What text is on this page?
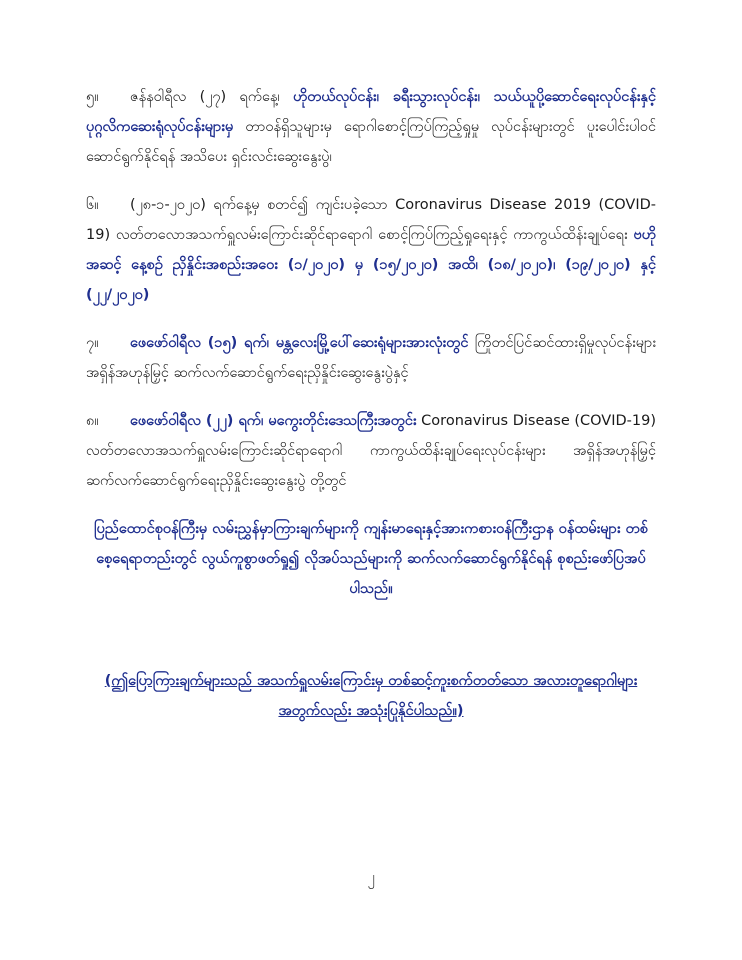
၅။ ဇန်နဝါရီလ (၂၇) ရက်နေ့၊ ဟိုတယ်လုပ်ငန်း၊ ခရီးသွားလုပ်ငန်း၊ သယ်ယူပို့ဆောင်ရေးလုပ်ငန်းနှင့် ပုဂ္ဂလိကဆေးရုံလုပ်ငန်းများမှ တာဝန်ရှိသူများမှ ရောဂါစောင့်ကြပ်ကြည့်ရှုမှု လုပ်ငန်းများတွင် ပူးပေါင်းပါဝင်ဆောင်ရွက်နိုင်ရန် အသိပေး ရှင်းလင်းဆွေးနွေးပွဲ၊

၆။ (၂၈-၁-၂၀၂၀) ရက်နေ့မှ စတင်၍ ကျင်းပခဲ့သော Coronavirus Disease 2019 (COVID-19) လတ်တလောအသက်ရှူလမ်းကြောင်းဆိုင်ရာရောဂါ စောင့်ကြပ်ကြည့်ရှုရေးနှင့် ကာကွယ်ထိန်းချုပ်ရေး ဗဟိုအဆင့် နေ့စဉ် ညှိနှိုင်းအစည်းအဝေး (၁/၂၀၂၀) မှ (၁၅/၂၀၂၀) အထိ၊ (၁၈/၂၀၂၀)၊ (၁၉/၂၀၂၀) နှင့် (၂၂/၂၀၂၀)

၇။ ဖေဖော်ဝါရီလ (၁၅) ရက်၊ မန္တလေးမြို့ပေါ်ဆေးရုံများအားလုံးတွင် ကြိုတင်ပြင်ဆင်ထားရှိမှုလုပ်ငန်းများ အရှိန်အဟုန်မြှင့် ဆက်လက်ဆောင်ရွက်ရေးညှိနှိုင်းဆွေးနွေးပွဲနှင့်

၈။ ဖေဖော်ဝါရီလ (၂၂) ရက်၊ မကွေးတိုင်းဒေသကြီးအတွင်း Coronavirus Disease (COVID-19) လတ်တလောအသက်ရှူလမ်းကြောင်းဆိုင်ရာရောဂါ ကာကွယ်ထိန်းချုပ်ရေးလုပ်ငန်းများ အရှိန်အဟုန်မြှင့် ဆက်လက်ဆောင်ရွက်ရေးညှိနှိုင်းဆွေးနွေးပွဲ တို့တွင်

ပြည်ထောင်စုဝန်ကြီးမှ လမ်းညွှန်မှာကြားချက်များကို ကျန်းမာရေးနှင့်အားကစားဝန်ကြီးဌာန ဝန်ထမ်းများ တစ်စေ့ရေရာတည်းတွင် လွယ်ကူစွာဖတ်ရှု၍ လိုအပ်သည်များကို ဆက်လက်ဆောင်ရွက်နိုင်ရန် စုစည်းဖော်ပြအပ်ပါသည်။

(ဤပြောကြားချက်များသည် အသက်ရှူလမ်းကြောင်းမှ တစ်ဆင့်ကူးစက်တတ်သော အလားတူရောဂါများအတွက်လည်း အသုံးပြုနိုင်ပါသည်။)

၂
